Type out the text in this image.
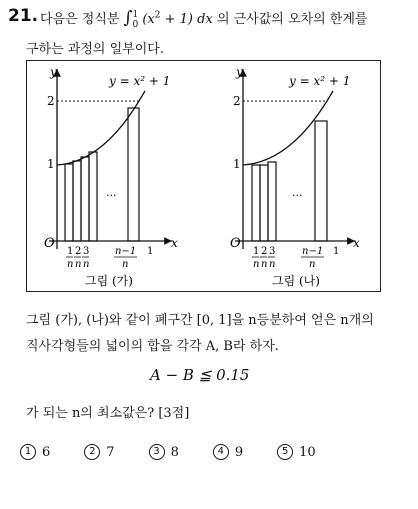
21. 다음은 정식분 ∫ 1
0 $(x^2 + 1)$ dx 의 근사값의 오차의 한계를
구하는 과정의 일부이다.
y
x
O
2
1
y = x² + 1
···
1 2 3	n−1
n n n	n
1
그림 (가)
y
x
O
2
1
y = x² + 1
···
1 2 3	n−1
n n n	n
1
그림 (나)
그림 (가), (나)와 같이 폐구간 [0, 1]을 n등분하여 얻은 n개의
직사각형들의 넓이의 합을 각각 A, B라 하자.
A − B ≦ 0.15
가 되는 n의 최소값은? [3점]
1 6	2 7	3 8	4 9	5 10
